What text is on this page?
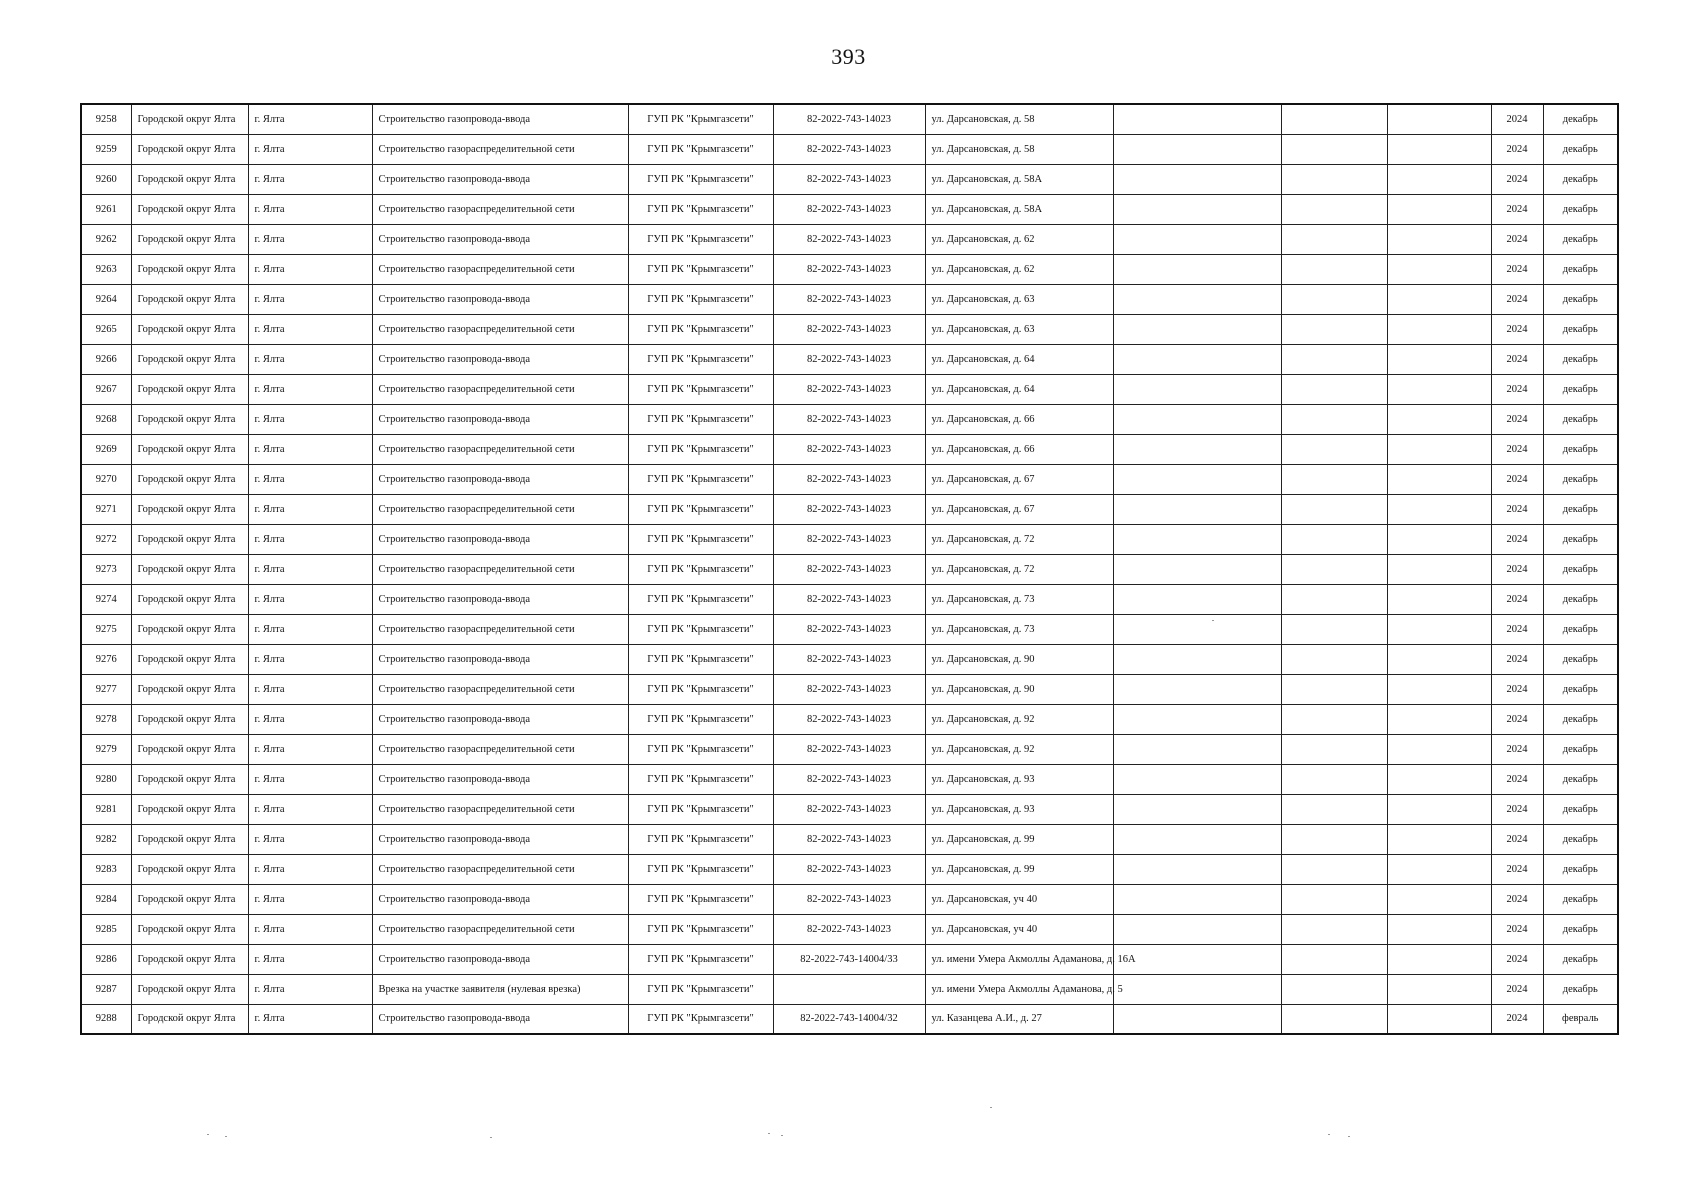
393
9258	Городской округ Ялта	г. Ялта	Строительство газопровода-ввода	ГУП РК "Крымгазсети"	82-2022-743-14023	ул. Дарсановская, д. 58				2024	декабрь
9259	Городской округ Ялта	г. Ялта	Строительство газораспределительной сети	ГУП РК "Крымгазсети"	82-2022-743-14023	ул. Дарсановская, д. 58				2024	декабрь
9260	Городской округ Ялта	г. Ялта	Строительство газопровода-ввода	ГУП РК "Крымгазсети"	82-2022-743-14023	ул. Дарсановская, д. 58А				2024	декабрь
9261	Городской округ Ялта	г. Ялта	Строительство газораспределительной сети	ГУП РК "Крымгазсети"	82-2022-743-14023	ул. Дарсановская, д. 58А				2024	декабрь
9262	Городской округ Ялта	г. Ялта	Строительство газопровода-ввода	ГУП РК "Крымгазсети"	82-2022-743-14023	ул. Дарсановская, д. 62				2024	декабрь
9263	Городской округ Ялта	г. Ялта	Строительство газораспределительной сети	ГУП РК "Крымгазсети"	82-2022-743-14023	ул. Дарсановская, д. 62				2024	декабрь
9264	Городской округ Ялта	г. Ялта	Строительство газопровода-ввода	ГУП РК "Крымгазсети"	82-2022-743-14023	ул. Дарсановская, д. 63				2024	декабрь
9265	Городской округ Ялта	г. Ялта	Строительство газораспределительной сети	ГУП РК "Крымгазсети"	82-2022-743-14023	ул. Дарсановская, д. 63				2024	декабрь
9266	Городской округ Ялта	г. Ялта	Строительство газопровода-ввода	ГУП РК "Крымгазсети"	82-2022-743-14023	ул. Дарсановская, д. 64				2024	декабрь
9267	Городской округ Ялта	г. Ялта	Строительство газораспределительной сети	ГУП РК "Крымгазсети"	82-2022-743-14023	ул. Дарсановская, д. 64				2024	декабрь
9268	Городской округ Ялта	г. Ялта	Строительство газопровода-ввода	ГУП РК "Крымгазсети"	82-2022-743-14023	ул. Дарсановская, д. 66				2024	декабрь
9269	Городской округ Ялта	г. Ялта	Строительство газораспределительной сети	ГУП РК "Крымгазсети"	82-2022-743-14023	ул. Дарсановская, д. 66				2024	декабрь
9270	Городской округ Ялта	г. Ялта	Строительство газопровода-ввода	ГУП РК "Крымгазсети"	82-2022-743-14023	ул. Дарсановская, д. 67				2024	декабрь
9271	Городской округ Ялта	г. Ялта	Строительство газораспределительной сети	ГУП РК "Крымгазсети"	82-2022-743-14023	ул. Дарсановская, д. 67				2024	декабрь
9272	Городской округ Ялта	г. Ялта	Строительство газопровода-ввода	ГУП РК "Крымгазсети"	82-2022-743-14023	ул. Дарсановская, д. 72				2024	декабрь
9273	Городской округ Ялта	г. Ялта	Строительство газораспределительной сети	ГУП РК "Крымгазсети"	82-2022-743-14023	ул. Дарсановская, д. 72				2024	декабрь
9274	Городской округ Ялта	г. Ялта	Строительство газопровода-ввода	ГУП РК "Крымгазсети"	82-2022-743-14023	ул. Дарсановская, д. 73				2024	декабрь
9275	Городской округ Ялта	г. Ялта	Строительство газораспределительной сети	ГУП РК "Крымгазсети"	82-2022-743-14023	ул. Дарсановская, д. 73				2024	декабрь
9276	Городской округ Ялта	г. Ялта	Строительство газопровода-ввода	ГУП РК "Крымгазсети"	82-2022-743-14023	ул. Дарсановская, д. 90				2024	декабрь
9277	Городской округ Ялта	г. Ялта	Строительство газораспределительной сети	ГУП РК "Крымгазсети"	82-2022-743-14023	ул. Дарсановская, д. 90				2024	декабрь
9278	Городской округ Ялта	г. Ялта	Строительство газопровода-ввода	ГУП РК "Крымгазсети"	82-2022-743-14023	ул. Дарсановская, д. 92				2024	декабрь
9279	Городской округ Ялта	г. Ялта	Строительство газораспределительной сети	ГУП РК "Крымгазсети"	82-2022-743-14023	ул. Дарсановская, д. 92				2024	декабрь
9280	Городской округ Ялта	г. Ялта	Строительство газопровода-ввода	ГУП РК "Крымгазсети"	82-2022-743-14023	ул. Дарсановская, д. 93				2024	декабрь
9281	Городской округ Ялта	г. Ялта	Строительство газораспределительной сети	ГУП РК "Крымгазсети"	82-2022-743-14023	ул. Дарсановская, д. 93				2024	декабрь
9282	Городской округ Ялта	г. Ялта	Строительство газопровода-ввода	ГУП РК "Крымгазсети"	82-2022-743-14023	ул. Дарсановская, д. 99				2024	декабрь
9283	Городской округ Ялта	г. Ялта	Строительство газораспределительной сети	ГУП РК "Крымгазсети"	82-2022-743-14023	ул. Дарсановская, д. 99				2024	декабрь
9284	Городской округ Ялта	г. Ялта	Строительство газопровода-ввода	ГУП РК "Крымгазсети"	82-2022-743-14023	ул. Дарсановская, уч 40				2024	декабрь
9285	Городской округ Ялта	г. Ялта	Строительство газораспределительной сети	ГУП РК "Крымгазсети"	82-2022-743-14023	ул. Дарсановская, уч 40				2024	декабрь
9286	Городской округ Ялта	г. Ялта	Строительство газопровода-ввода	ГУП РК "Крымгазсети"	82-2022-743-14004/33	ул. имени Умера Акмоллы Адаманова, д. 16А				2024	декабрь
9287	Городской округ Ялта	г. Ялта	Врезка на участке заявителя (нулевая врезка)	ГУП РК "Крымгазсети"		ул. имени Умера Акмоллы Адаманова, д. 5				2024	декабрь
9288	Городской округ Ялта	г. Ялта	Строительство газопровода-ввода	ГУП РК "Крымгазсети"	82-2022-743-14004/32	ул. Казанцева А.И., д. 27				2024	февраль
